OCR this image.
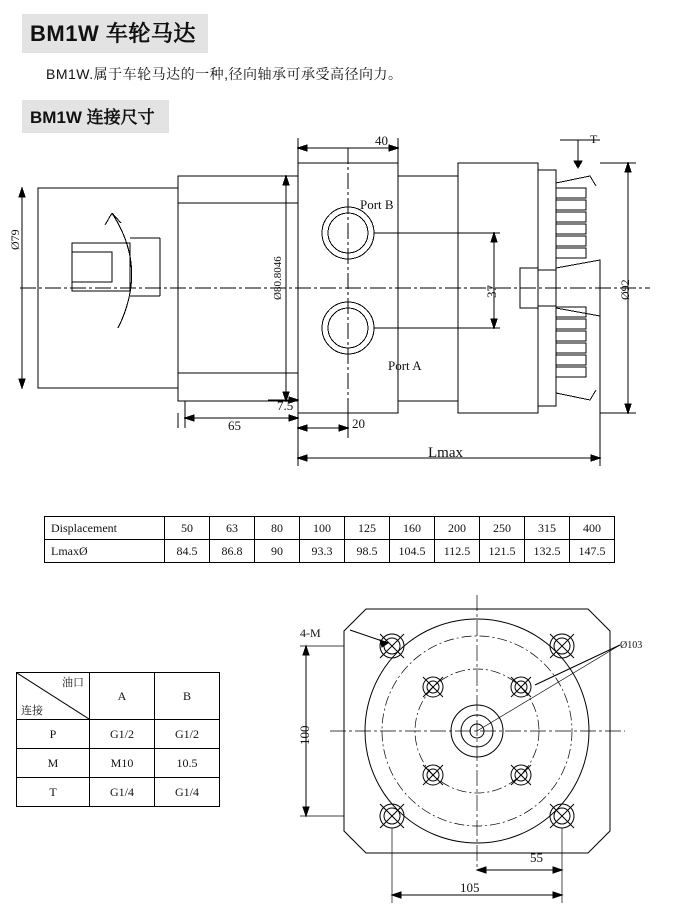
BM1W 车轮马达
BM1W.属于车轮马达的一种,径向轴承可承受高径向力。
BM1W 连接尺寸
Ø79
Ø80.8046	Ø92
Port B
Port A
40
37
7.5
65	20
Lmax
T
Displacement	50	63	80	100	125	160	200	250	315	400
LmaxØ	84.5	86.8	90	93.3	98.5	104.5	112.5	121.5	132.5	147.5
油口
连接	A	B
P	G1/2	G1/2
M	M10	10.5
T	G1/4	G1/4
4-M
Ø103
100
55
105
